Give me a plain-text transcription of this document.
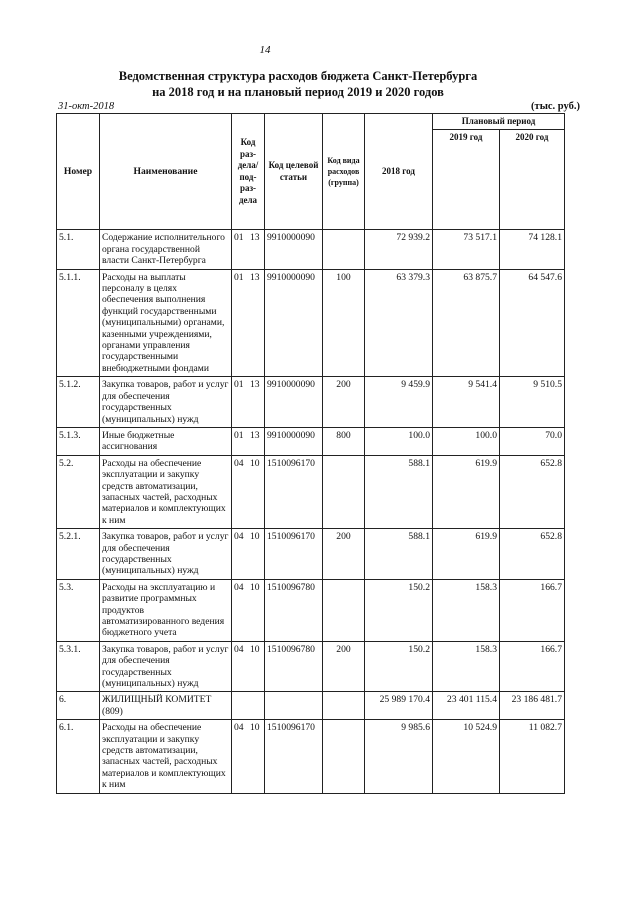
14
Ведомственная структура расходов бюджета Санкт-Петербурга
на 2018 год и на плановый период 2019 и 2020 годов
31-окт-2018	(тыс. руб.)
Номер	Наименование	Код раз-дела/ под-раз-дела	Код целевой статьи	Код вида расходов (группа)	2018 год	Плановый период	
						2019 год	2020 год
5.1.	Содержание исполнительного органа государственной власти Санкт-Петербурга	01 13	9910000090		72 939.2	73 517.1	74 128.1
5.1.1.	Расходы на выплаты персоналу в целях обеспечения выполнения функций государственными (муниципальными) органами, казенными учреждениями, органами управления государственными внебюджетными фондами	01 13	9910000090	100	63 379.3	63 875.7	64 547.6
5.1.2.	Закупка товаров, работ и услуг для обеспечения государственных (муниципальных) нужд	01 13	9910000090	200	9 459.9	9 541.4	9 510.5
5.1.3.	Иные бюджетные ассигнования	01 13	9910000090	800	100.0	100.0	70.0
5.2.	Расходы на обеспечение эксплуатации и закупку средств автоматизации, запасных частей, расходных материалов и комплектующих к ним	04 10	1510096170		588.1	619.9	652.8
5.2.1.	Закупка товаров, работ и услуг для обеспечения государственных (муниципальных) нужд	04 10	1510096170	200	588.1	619.9	652.8
5.3.	Расходы на эксплуатацию и развитие программных продуктов автоматизированного ведения бюджетного учета	04 10	1510096780		150.2	158.3	166.7
5.3.1.	Закупка товаров, работ и услуг для обеспечения государственных (муниципальных) нужд	04 10	1510096780	200	150.2	158.3	166.7
6.	ЖИЛИЩНЫЙ КОМИТЕТ (809)				25 989 170.4	23 401 115.4	23 186 481.7
6.1.	Расходы на обеспечение эксплуатации и закупку средств автоматизации, запасных частей, расходных материалов и комплектующих к ним	04 10	1510096170		9 985.6	10 524.9	11 082.7
